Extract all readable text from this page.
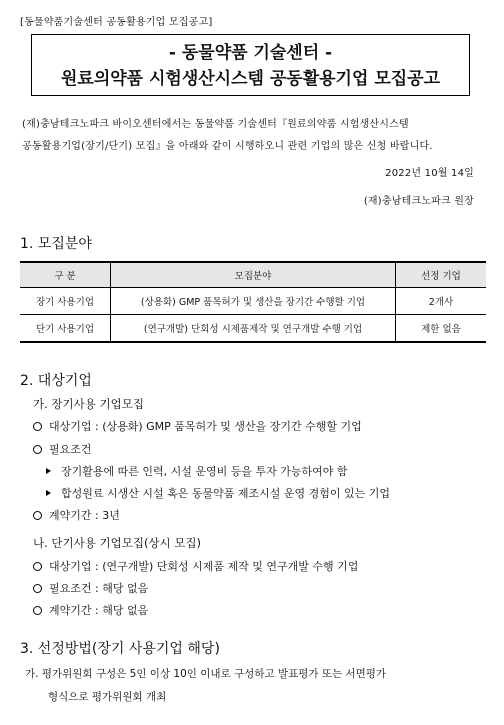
[동물약품기술센터 공동활용기업 모집공고]
- 동물약품 기술센터 -
원료의약품 시험생산시스템 공동활용기업 모집공고
(재)충남테크노파크 바이오센터에서는 동물약품 기술센터『원료의약품 시험생산시스템
공동활용기업(장기/단기) 모집』을 아래와 같이 시행하오니 관련 기업의 많은 신청 바랍니다.
2022년 10월 14일
(재)충남테크노파크 원장
1. 모집분야
구 분	모집분야	선정 기업
장기 사용기업	(상용화) GMP 품목허가 및 생산을 장기간 수행할 기업	2개사
단기 사용기업	(연구개발) 단회성 시제품제작 및 연구개발 수행 기업	제한 없음
2. 대상기업
가. 장기사용 기업모집
대상기업 : (상용화) GMP 품목허가 및 생산을 장기간 수행할 기업
필요조건
장기활용에 따른 인력, 시설 운영비 등을 투자 가능하여야 함
합성원료 시생산 시설 혹은 동물약품 제조시설 운영 경험이 있는 기업
계약기간 : 3년
나. 단기사용 기업모집(상시 모집)
대상기업 : (연구개발) 단회성 시제품 제작 및 연구개발 수행 기업
필요조건 : 해당 없음
계약기간 : 해당 없음
3. 선정방법(장기 사용기업 해당)
가. 평가위원회 구성은 5인 이상 10인 이내로 구성하고 발표평가 또는 서면평가
형식으로 평가위원회 개최
